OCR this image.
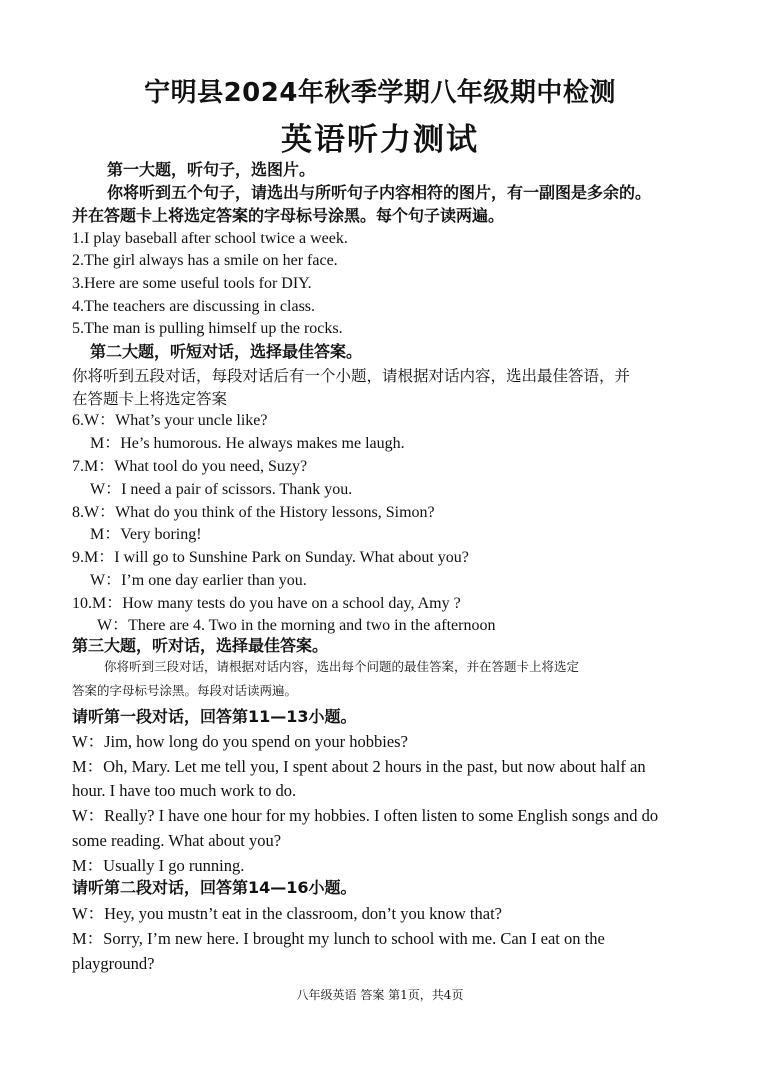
宁明县2024年秋季学期八年级期中检测
英语听力测试
第一大题，听句子，选图片。
你将听到五个句子，请选出与所听句子内容相符的图片，有一副图是多余的。
并在答题卡上将选定答案的字母标号涂黑。每个句子读两遍。
1.I play baseball after school twice a week.
2.The girl always has a smile on her face.
3.Here are some useful tools for DIY.
4.The teachers are discussing in class.
5.The man is pulling himself up the rocks.
第二大题，听短对话，选择最佳答案。
你将听到五段对话，每段对话后有一个小题，请根据对话内容，选出最佳答语，并
在答题卡上将选定答案
6.W：What’s your uncle like?
M：He’s humorous. He always makes me laugh.
7.M：What tool do you need, Suzy?
W：I need a pair of scissors. Thank you.
8.W：What do you think of the History lessons, Simon?
M：Very boring!
9.M：I will go to Sunshine Park on Sunday. What about you?
W：I’m one day earlier than you.
10.M：How many tests do you have on a school day, Amy ?
W：There are 4. Two in the morning and two in the afternoon
第三大题，听对话，选择最佳答案。
你将听到三段对话，请根据对话内容，选出每个问题的最佳答案，并在答题卡上将选定
答案的字母标号涂黑。每段对话读两遍。
请听第一段对话，回答第11—13小题。
W：Jim, how long do you spend on your hobbies?
M：Oh, Mary. Let me tell you, I spent about 2 hours in the past, but now about half an
hour. I have too much work to do.
W：Really? I have one hour for my hobbies. I often listen to some English songs and do
some reading. What about you?
M：Usually I go running.
请听第二段对话，回答第14—16小题。
W：Hey, you mustn’t eat in the classroom, don’t you know that?
M：Sorry, I’m new here. I brought my lunch to school with me. Can I eat on the
playground?
八年级英语 答案 第1页，共4页
